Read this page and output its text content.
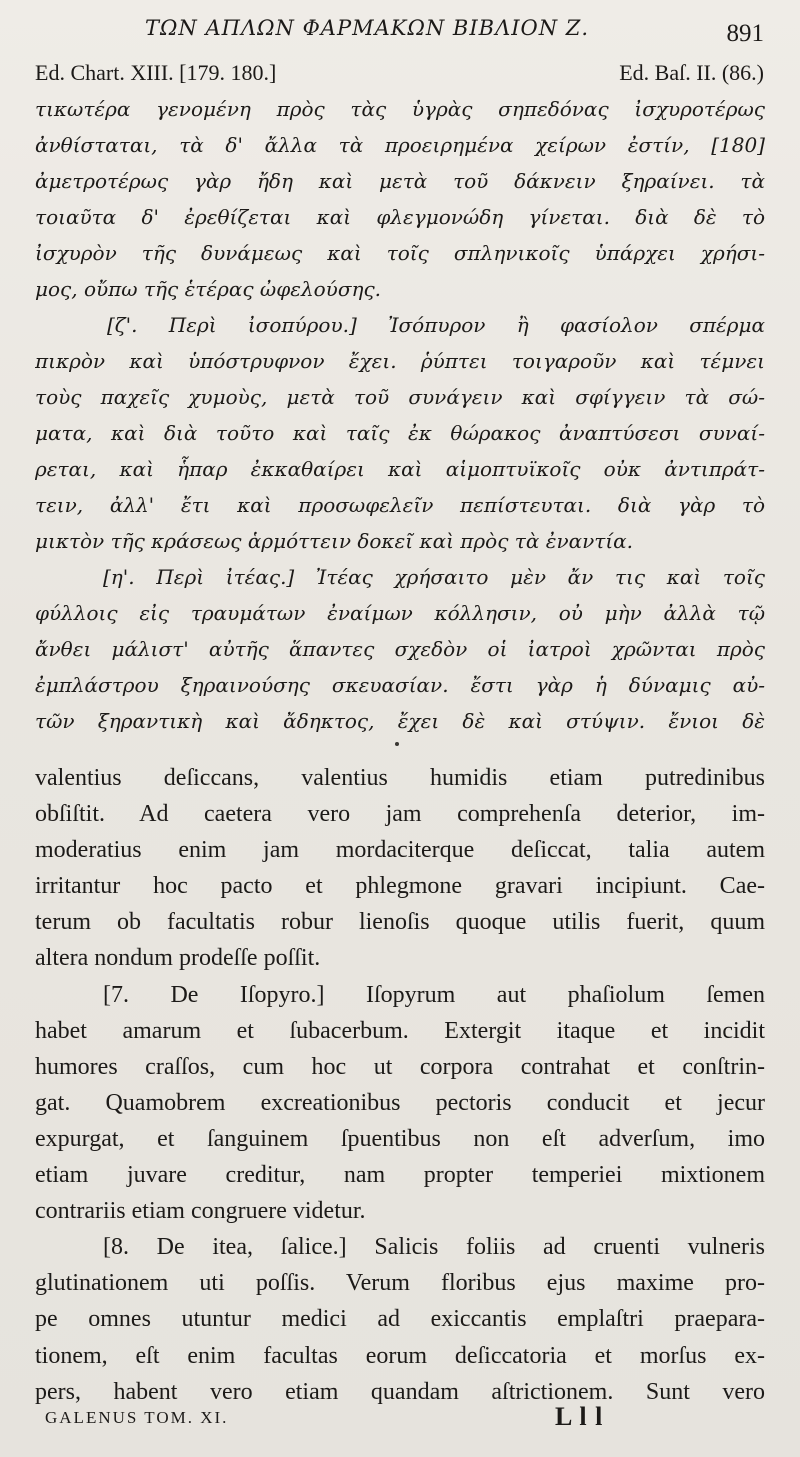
ΤΩΝ ΑΠΛΩΝ ΦΑΡΜΑΚΩΝ ΒΙΒΛΙΟΝ Ζ.	891
Ed. Chart. XIII. [179. 180.]	Ed. Baſ. II. (86.)
τικωτέρα γενομένη πρὸς τὰς ὑγρὰς σηπεδόνας ἰσχυροτέρως
ἀνθίσταται, τὰ δ' ἄλλα τὰ προειρημένα χείρων ἐστίν, [180]
ἀμετροτέρως γὰρ ἤδη καὶ μετὰ τοῦ δάκνειν ξηραίνει. τὰ
τοιαῦτα δ' ἐρεθίζεται καὶ φλεγμονώδη γίνεται. διὰ δὲ τὸ
ἰσχυρὸν τῆς δυνάμεως καὶ τοῖς σπληνικοῖς ὑπάρχει χρήσι-
μος, οὔπω τῆς ἑτέρας ὠφελούσης.
[ζ'. Περὶ ἰσοπύρου.] Ἰσόπυρον ἢ φασίολον σπέρμα
πικρὸν καὶ ὑπόστρυφνον ἔχει. ῥύπτει τοιγαροῦν καὶ τέμνει
τοὺς παχεῖς χυμοὺς, μετὰ τοῦ συνάγειν καὶ σφίγγειν τὰ σώ-
ματα, καὶ διὰ τοῦτο καὶ ταῖς ἐκ θώρακος ἀναπτύσεσι συναί-
ρεται, καὶ ἧπαρ ἐκκαθαίρει καὶ αἱμοπτυϊκοῖς οὐκ ἀντιπράτ-
τειν, ἀλλ' ἔτι καὶ προσωφελεῖν πεπίστευται. διὰ γὰρ τὸ
μικτὸν τῆς κράσεως ἁρμόττειν δοκεῖ καὶ πρὸς τὰ ἐναντία.
[η'. Περὶ ἰτέας.] Ἰτέας χρήσαιτο μὲν ἄν τις καὶ τοῖς
φύλλοις εἰς τραυμάτων ἐναίμων κόλλησιν, οὐ μὴν ἀλλὰ τῷ
ἄνθει μάλιστ' αὐτῆς ἅπαντες σχεδὸν οἱ ἰατροὶ χρῶνται πρὸς
ἐμπλάστρου ξηραινούσης σκευασίαν. ἔστι γὰρ ἡ δύναμις αὐ-
τῶν ξηραντικὴ καὶ ἄδηκτος, ἔχει δὲ καὶ στύψιν. ἔνιοι δὲ
valentius deſiccans, valentius humidis etiam putredinibus
obſiſtit. Ad caetera vero jam comprehenſa deterior, im-
moderatius enim jam mordaciterque deſiccat, talia autem
irritantur hoc pacto et phlegmone gravari incipiunt. Cae-
terum ob facultatis robur lienoſis quoque utilis fuerit, quum
altera nondum prodeſſe poſſit.
[7. De Iſopyro.] Iſopyrum aut phaſiolum ſemen
habet amarum et ſubacerbum. Extergit itaque et incidit
humores craſſos, cum hoc ut corpora contrahat et conſtrin-
gat. Quamobrem excreationibus pectoris conducit et jecur
expurgat, et ſanguinem ſpuentibus non eſt adverſum, imo
etiam juvare creditur, nam propter temperiei mixtionem
contrariis etiam congruere videtur.
[8. De itea, ſalice.] Salicis foliis ad cruenti vulneris
glutinationem uti poſſis. Verum floribus ejus maxime pro-
pe omnes utuntur medici ad exiccantis emplaſtri praepara-
tionem, eſt enim facultas eorum deſiccatoria et morſus ex-
pers, habent vero etiam quandam aſtrictionem. Sunt vero
GALENUS TOM. XI.	L l l
